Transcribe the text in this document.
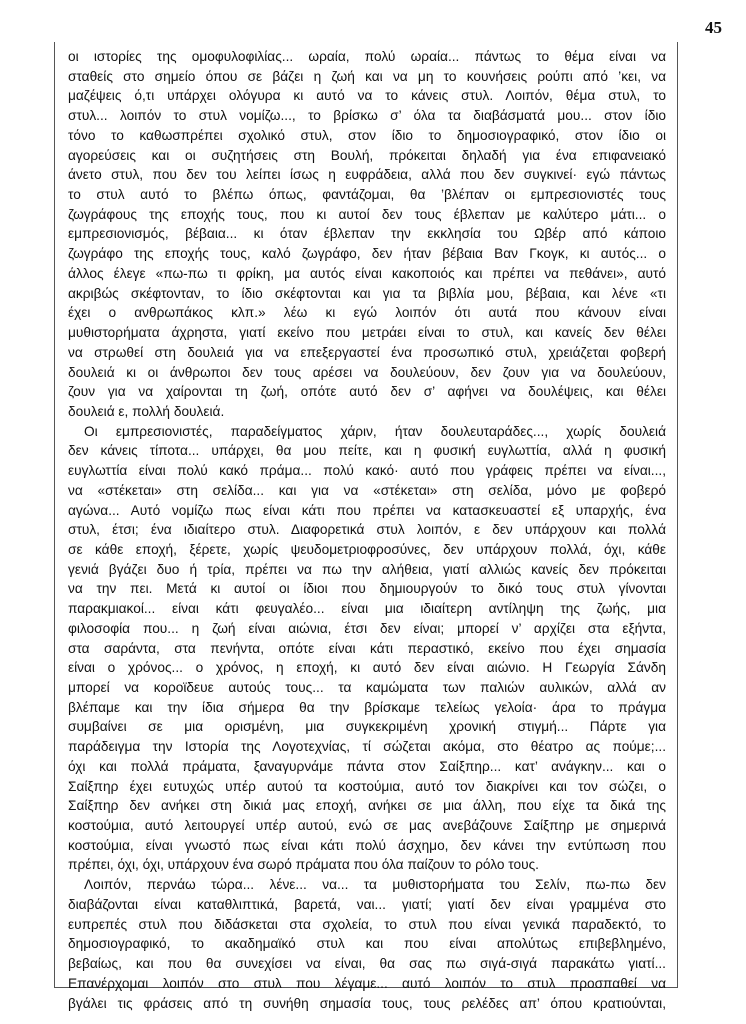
45
οι ιστορίες της ομοφυλοφιλίας... ωραία, πολύ ωραία... πάντως το θέμα είναι να
σταθείς στο σημείο όπου σε βάζει η ζωή και να μη το κουνήσεις ρούπι από ’κει, να
μαζέψεις ό,τι υπάρχει ολόγυρα κι αυτό να το κάνεις στυλ. Λοιπόν, θέμα στυλ, το
στυλ... λοιπόν το στυλ νομίζω..., το βρίσκω σ’ όλα τα διαβάσματά μου... στον ίδιο
τόνο το καθωσπρέπει σχολικό στυλ, στον ίδιο το δημοσιογραφικό, στον ίδιο οι
αγορεύσεις και οι συζητήσεις στη Βουλή, πρόκειται δηλαδή για ένα επιφανειακό
άνετο στυλ, που δεν του λείπει ίσως η ευφράδεια, αλλά που δεν συγκινεί· εγώ πάντως
το στυλ αυτό το βλέπω όπως, φαντάζομαι, θα ’βλέπαν οι εμπρεσιονιστές τους
ζωγράφους της εποχής τους, που κι αυτοί δεν τους έβλεπαν με καλύτερο μάτι... ο
εμπρεσιονισμός, βέβαια... κι όταν έβλεπαν την εκκλησία του Ωβέρ από κάποιο
ζωγράφο της εποχής τους, καλό ζωγράφο, δεν ήταν βέβαια Βαν Γκογκ, κι αυτός... ο
άλλος έλεγε «πω-πω τι φρίκη, μα αυτός είναι κακοποιός και πρέπει να πεθάνει», αυτό
ακριβώς σκέφτονταν, το ίδιο σκέφτονται και για τα βιβλία μου, βέβαια, και λένε «τι
έχει ο ανθρωπάκος κλπ.» λέω κι εγώ λοιπόν ότι αυτά που κάνουν είναι
μυθιστορήματα άχρηστα, γιατί εκείνο που μετράει είναι το στυλ, και κανείς δεν θέλει
να στρωθεί στη δουλειά για να επεξεργαστεί ένα προσωπικό στυλ, χρειάζεται φοβερή
δουλειά κι οι άνθρωποι δεν τους αρέσει να δουλεύουν, δεν ζουν για να δουλεύουν,
ζουν για να χαίρονται τη ζωή, οπότε αυτό δεν σ’ αφήνει να δουλέψεις, και θέλει
δουλειά ε, πολλή δουλειά.
Οι εμπρεσιονιστές, παραδείγματος χάριν, ήταν δουλευταράδες..., χωρίς δουλειά
δεν κάνεις τίποτα... υπάρχει, θα μου πείτε, και η φυσική ευγλωττία, αλλά η φυσική
ευγλωττία είναι πολύ κακό πράμα... πολύ κακό· αυτό που γράφεις πρέπει να είναι...,
να «στέκεται» στη σελίδα... και για να «στέκεται» στη σελίδα, μόνο με φοβερό
αγώνα... Αυτό νομίζω πως είναι κάτι που πρέπει να κατασκευαστεί εξ υπαρχής, ένα
στυλ, έτσι; ένα ιδιαίτερο στυλ. Διαφορετικά στυλ λοιπόν, ε δεν υπάρχουν και πολλά
σε κάθε εποχή, ξέρετε, χωρίς ψευδομετριοφροσύνες, δεν υπάρχουν πολλά, όχι, κάθε
γενιά βγάζει δυο ή τρία, πρέπει να πω την αλήθεια, γιατί αλλιώς κανείς δεν πρόκειται
να την πει. Μετά κι αυτοί οι ίδιοι που δημιουργούν το δικό τους στυλ γίνονται
παρακμιακοί... είναι κάτι φευγαλέο... είναι μια ιδιαίτερη αντίληψη της ζωής, μια
φιλοσοφία που... η ζωή είναι αιώνια, έτσι δεν είναι; μπορεί ν’ αρχίζει στα εξήντα,
στα σαράντα, στα πενήντα, οπότε είναι κάτι περαστικό, εκείνο που έχει σημασία
είναι ο χρόνος... ο χρόνος, η εποχή, κι αυτό δεν είναι αιώνιο. Η Γεωργία Σάνδη
μπορεί να κοροϊδευε αυτούς τους... τα καμώματα των παλιών αυλικών, αλλά αν
βλέπαμε και την ίδια σήμερα θα την βρίσκαμε τελείως γελοία· άρα το πράγμα
συμβαίνει σε μια ορισμένη, μια συγκεκριμένη χρονική στιγμή... Πάρτε για
παράδειγμα την Ιστορία της Λογοτεχνίας, τί σώζεται ακόμα, στο θέατρο ας πούμε;...
όχι και πολλά πράματα, ξαναγυρνάμε πάντα στον Σαίξπηρ... κατ’ ανάγκην... και ο
Σαίξπηρ έχει ευτυχώς υπέρ αυτού τα κοστούμια, αυτό τον διακρίνει και τον σώζει, ο
Σαίξπηρ δεν ανήκει στη δικιά μας εποχή, ανήκει σε μια άλλη, που είχε τα δικά της
κοστούμια, αυτό λειτουργεί υπέρ αυτού, ενώ σε μας ανεβάζουνε Σαίξπηρ με σημερινά
κοστούμια, είναι γνωστό πως είναι κάτι πολύ άσχημο, δεν κάνει την εντύπωση που
πρέπει, όχι, όχι, υπάρχουν ένα σωρό πράματα που όλα παίζουν το ρόλο τους.
Λοιπόν, περνάω τώρα... λένε... να... τα μυθιστορήματα του Σελίν, πω-πω δεν
διαβάζονται είναι καταθλιπτικά, βαρετά, ναι... γιατί; γιατί δεν είναι γραμμένα στο
ευπρεπές στυλ που διδάσκεται στα σχολεία, το στυλ που είναι γενικά παραδεκτό, το
δημοσιογραφικό, το ακαδημαϊκό στυλ και που είναι απολύτως επιβεβλημένο,
βεβαίως, και που θα συνεχίσει να είναι, θα σας πω σιγά-σιγά παρακάτω γιατί...
Επανέρχομαι λοιπόν στο στυλ που λέγαμε... αυτό λοιπόν το στυλ προσπαθεί να
βγάλει τις φράσεις από τη συνήθη σημασία τους, τους ρελέδες απ’ όπου κρατιούνται,
